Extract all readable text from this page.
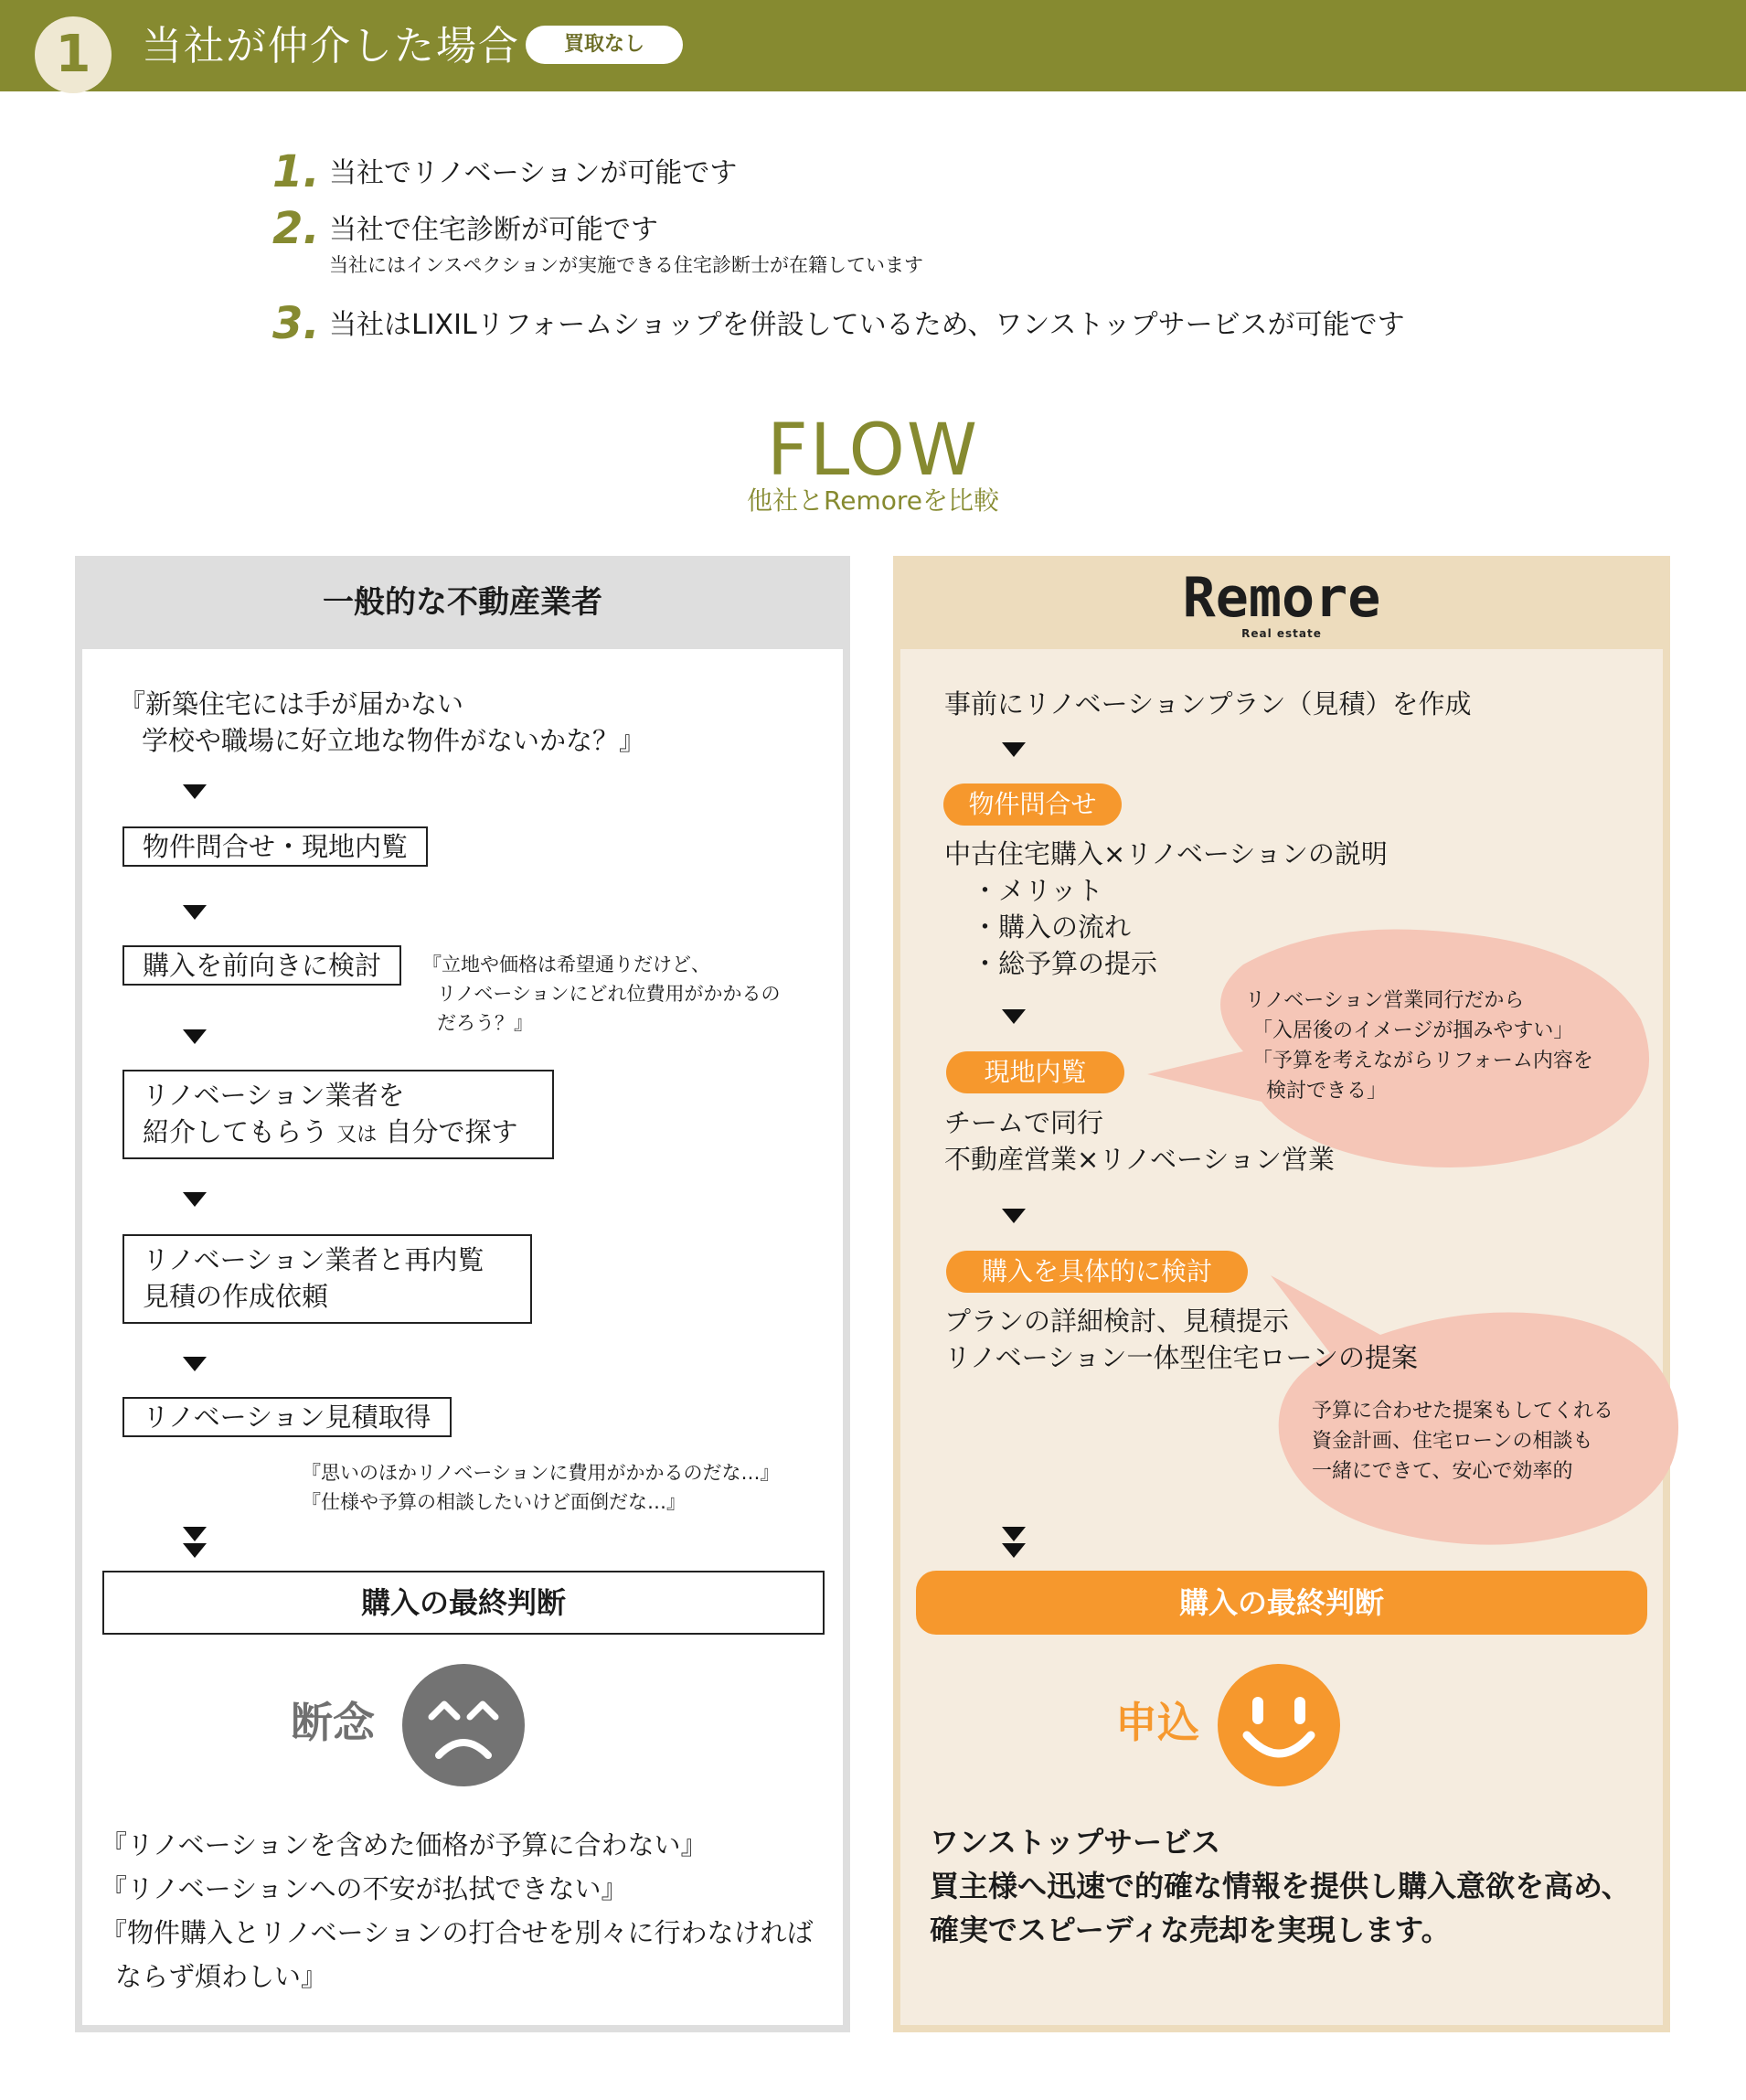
1	当社が仲介した場合	買取なし
1. 当社でリノベーションが可能です
2. 当社で住宅診断が可能です
当社にはインスペクションが実施できる住宅診断士が在籍しています
3. 当社はLIXILリフォームショップを併設しているため、ワンストップサービスが可能です
FLOW
他社とRemoreを比較
一般的な不動産業者
『新築住宅には手が届かない
学校や職場に好立地な物件がないかな？』
物件問合せ・現地内覧
購入を前向きに検討	『立地や価格は希望通りだけど、
リノベーションにどれ位費用がかかるの
だろう？』
リノベーション業者を
紹介してもらう 又は 自分で探す
リノベーション業者と再内覧
見積の作成依頼
リノベーション見積取得
『思いのほかリノベーションに費用がかかるのだな…』
『仕様や予算の相談したいけど面倒だな…』
購入の最終判断
断念
『リノベーションを含めた価格が予算に合わない』
『リノベーションへの不安が払拭できない』
『物件購入とリノベーションの打合せを別々に行わなければ
ならず煩わしい』
Remore
Real estate
事前にリノベーションプラン（見積）を作成
物件問合せ
中古住宅購入×リノベーションの説明
・メリット
・購入の流れ
・総予算の提示
リノベーション営業同行だから
「入居後のイメージが掴みやすい」
「予算を考えながらリフォーム内容を
検討できる」
現地内覧
チームで同行
不動産営業×リノベーション営業
購入を具体的に検討
プランの詳細検討、見積提示
リノベーション一体型住宅ローンの提案
予算に合わせた提案もしてくれる
資金計画、住宅ローンの相談も
一緒にできて、安心で効率的
購入の最終判断
申込
ワンストップサービス
買主様へ迅速で的確な情報を提供し購入意欲を高め、
確実でスピーディな売却を実現します。
